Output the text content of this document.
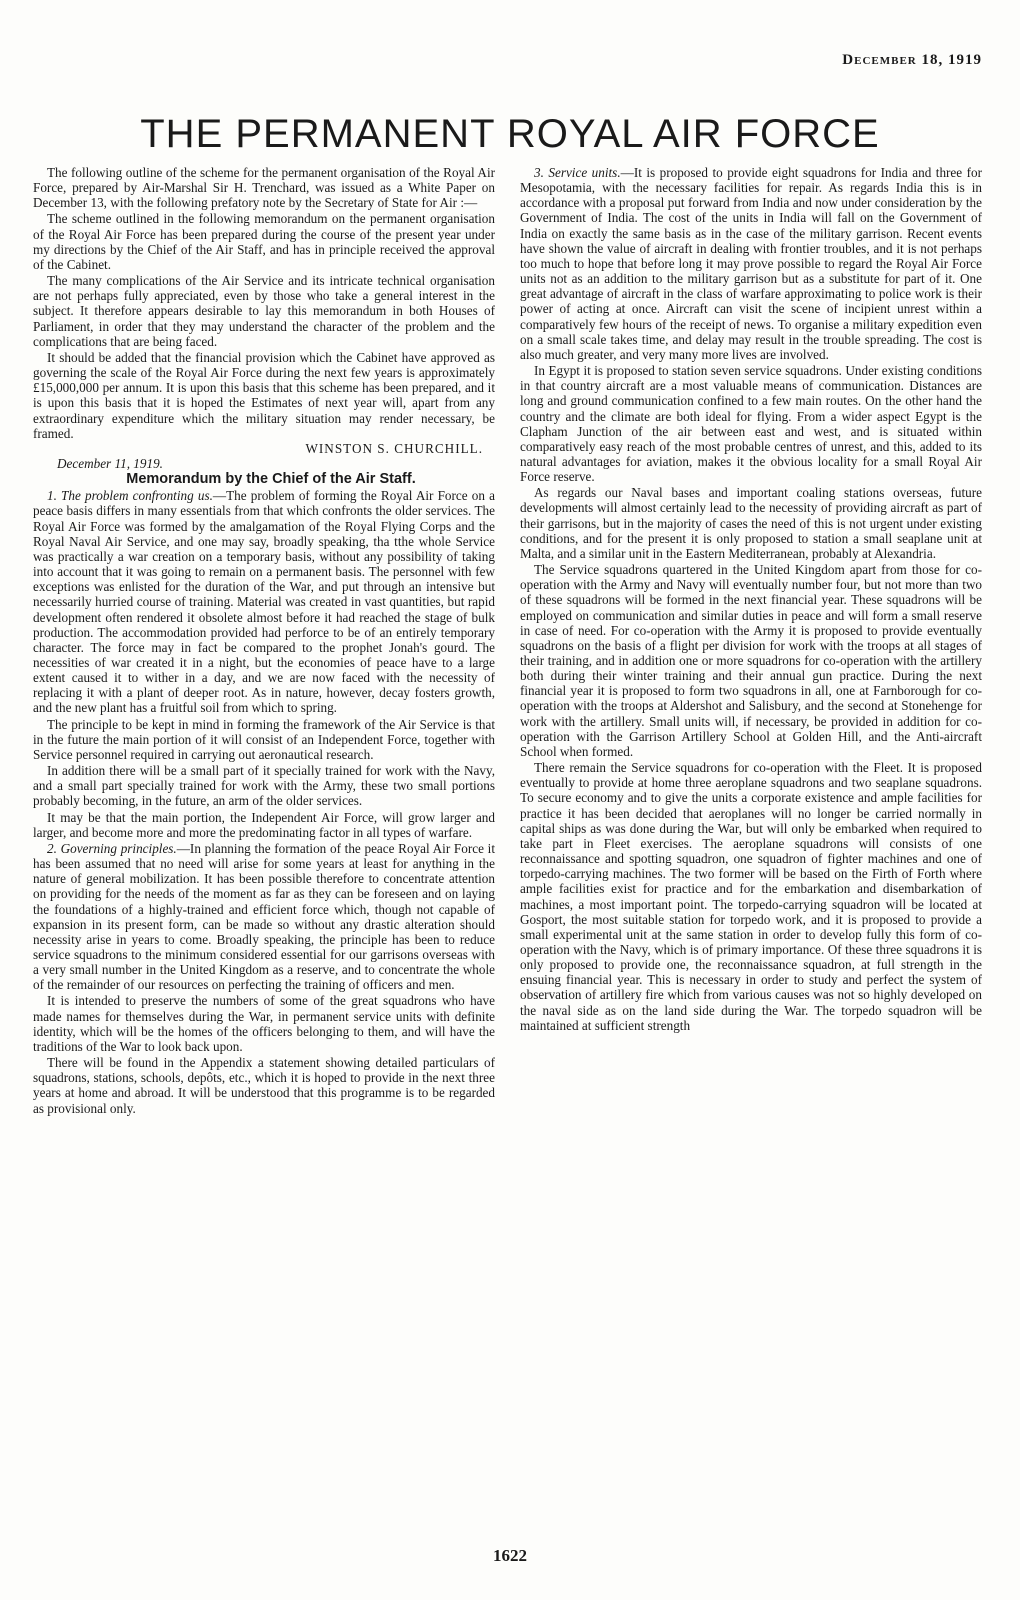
December 18, 1919
THE PERMANENT ROYAL AIR FORCE

The following outline of the scheme for the permanent organisation of the Royal Air Force, prepared by Air-Marshal Sir H. Trenchard, was issued as a White Paper on December 13, with the following prefatory note by the Secretary of State for Air :—

The scheme outlined in the following memorandum on the permanent organisation of the Royal Air Force has been prepared during the course of the present year under my directions by the Chief of the Air Staff, and has in principle received the approval of the Cabinet.

The many complications of the Air Service and its intricate technical organisation are not perhaps fully appreciated, even by those who take a general interest in the subject. It therefore appears desirable to lay this memorandum in both Houses of Parliament, in order that they may understand the character of the problem and the complications that are being faced.

It should be added that the financial provision which the Cabinet have approved as governing the scale of the Royal Air Force during the next few years is approximately £15,000,000 per annum. It is upon this basis that this scheme has been prepared, and it is upon this basis that it is hoped the Estimates of next year will, apart from any extraordinary expenditure which the military situation may render necessary, be framed.

WINSTON S. CHURCHILL.

December 11, 1919.

Memorandum by the Chief of the Air Staff.

1. The problem confronting us.—The problem of forming the Royal Air Force on a peace basis differs in many essentials from that which confronts the older services. The Royal Air Force was formed by the amalgamation of the Royal Flying Corps and the Royal Naval Air Service, and one may say, broadly speaking, tha tthe whole Service was practically a war creation on a temporary basis, without any possibility of taking into account that it was going to remain on a permanent basis. The personnel with few exceptions was enlisted for the duration of the War, and put through an intensive but necessarily hurried course of training. Material was created in vast quantities, but rapid development often rendered it obsolete almost before it had reached the stage of bulk production. The accommodation provided had perforce to be of an entirely temporary character. The force may in fact be compared to the prophet Jonah's gourd. The necessities of war created it in a night, but the economies of peace have to a large extent caused it to wither in a day, and we are now faced with the necessity of replacing it with a plant of deeper root. As in nature, however, decay fosters growth, and the new plant has a fruitful soil from which to spring.

The principle to be kept in mind in forming the framework of the Air Service is that in the future the main portion of it will consist of an Independent Force, together with Service personnel required in carrying out aeronautical research.

In addition there will be a small part of it specially trained for work with the Navy, and a small part specially trained for work with the Army, these two small portions probably becoming, in the future, an arm of the older services.

It may be that the main portion, the Independent Air Force, will grow larger and larger, and become more and more the predominating factor in all types of warfare.

2. Governing principles.—In planning the formation of the peace Royal Air Force it has been assumed that no need will arise for some years at least for anything in the nature of general mobilization. It has been possible therefore to concentrate attention on providing for the needs of the moment as far as they can be foreseen and on laying the foundations of a highly-trained and efficient force which, though not capable of expansion in its present form, can be made so without any drastic alteration should necessity arise in years to come. Broadly speaking, the principle has been to reduce service squadrons to the minimum considered essential for our garrisons overseas with a very small number in the United Kingdom as a reserve, and to concentrate the whole of the remainder of our resources on perfecting the training of officers and men.

It is intended to preserve the numbers of some of the great squadrons who have made names for themselves during the War, in permanent service units with definite identity, which will be the homes of the officers belonging to them, and will have the traditions of the War to look back upon.

There will be found in the Appendix a statement showing detailed particulars of squadrons, stations, schools, depôts, etc., which it is hoped to provide in the next three years at home and abroad. It will be understood that this programme is to be regarded as provisional only.

3. Service units.—It is proposed to provide eight squadrons for India and three for Mesopotamia, with the necessary facilities for repair. As regards India this is in accordance with a proposal put forward from India and now under consideration by the Government of India. The cost of the units in India will fall on the Government of India on exactly the same basis as in the case of the military garrison. Recent events have shown the value of aircraft in dealing with frontier troubles, and it is not perhaps too much to hope that before long it may prove possible to regard the Royal Air Force units not as an addition to the military garrison but as a substitute for part of it. One great advantage of aircraft in the class of warfare approximating to police work is their power of acting at once. Aircraft can visit the scene of incipient unrest within a comparatively few hours of the receipt of news. To organise a military expedition even on a small scale takes time, and delay may result in the trouble spreading. The cost is also much greater, and very many more lives are involved.

In Egypt it is proposed to station seven service squadrons. Under existing conditions in that country aircraft are a most valuable means of communication. Distances are long and ground communication confined to a few main routes. On the other hand the country and the climate are both ideal for flying. From a wider aspect Egypt is the Clapham Junction of the air between east and west, and is situated within comparatively easy reach of the most probable centres of unrest, and this, added to its natural advantages for aviation, makes it the obvious locality for a small Royal Air Force reserve.

As regards our Naval bases and important coaling stations overseas, future developments will almost certainly lead to the necessity of providing aircraft as part of their garrisons, but in the majority of cases the need of this is not urgent under existing conditions, and for the present it is only proposed to station a small seaplane unit at Malta, and a similar unit in the Eastern Mediterranean, probably at Alexandria.

The Service squadrons quartered in the United Kingdom apart from those for co-operation with the Army and Navy will eventually number four, but not more than two of these squadrons will be formed in the next financial year. These squadrons will be employed on communication and similar duties in peace and will form a small reserve in case of need. For co-operation with the Army it is proposed to provide eventually squadrons on the basis of a flight per division for work with the troops at all stages of their training, and in addition one or more squadrons for co-operation with the artillery both during their winter training and their annual gun practice. During the next financial year it is proposed to form two squadrons in all, one at Farnborough for co-operation with the troops at Aldershot and Salisbury, and the second at Stonehenge for work with the artillery. Small units will, if necessary, be provided in addition for co-operation with the Garrison Artillery School at Golden Hill, and the Anti-aircraft School when formed.

There remain the Service squadrons for co-operation with the Fleet. It is proposed eventually to provide at home three aeroplane squadrons and two seaplane squadrons. To secure economy and to give the units a corporate existence and ample facilities for practice it has been decided that aeroplanes will no longer be carried normally in capital ships as was done during the War, but will only be embarked when required to take part in Fleet exercises. The aeroplane squadrons will consists of one reconnaissance and spotting squadron, one squadron of fighter machines and one of torpedo-carrying machines. The two former will be based on the Firth of Forth where ample facilities exist for practice and for the embarkation and disembarkation of machines, a most important point. The torpedo-carrying squadron will be located at Gosport, the most suitable station for torpedo work, and it is proposed to provide a small experimental unit at the same station in order to develop fully this form of co-operation with the Navy, which is of primary importance. Of these three squadrons it is only proposed to provide one, the reconnaissance squadron, at full strength in the ensuing financial year. This is necessary in order to study and perfect the system of observation of artillery fire which from various causes was not so highly developed on the naval side as on the land side during the War. The torpedo squadron will be maintained at sufficient strength

1622
